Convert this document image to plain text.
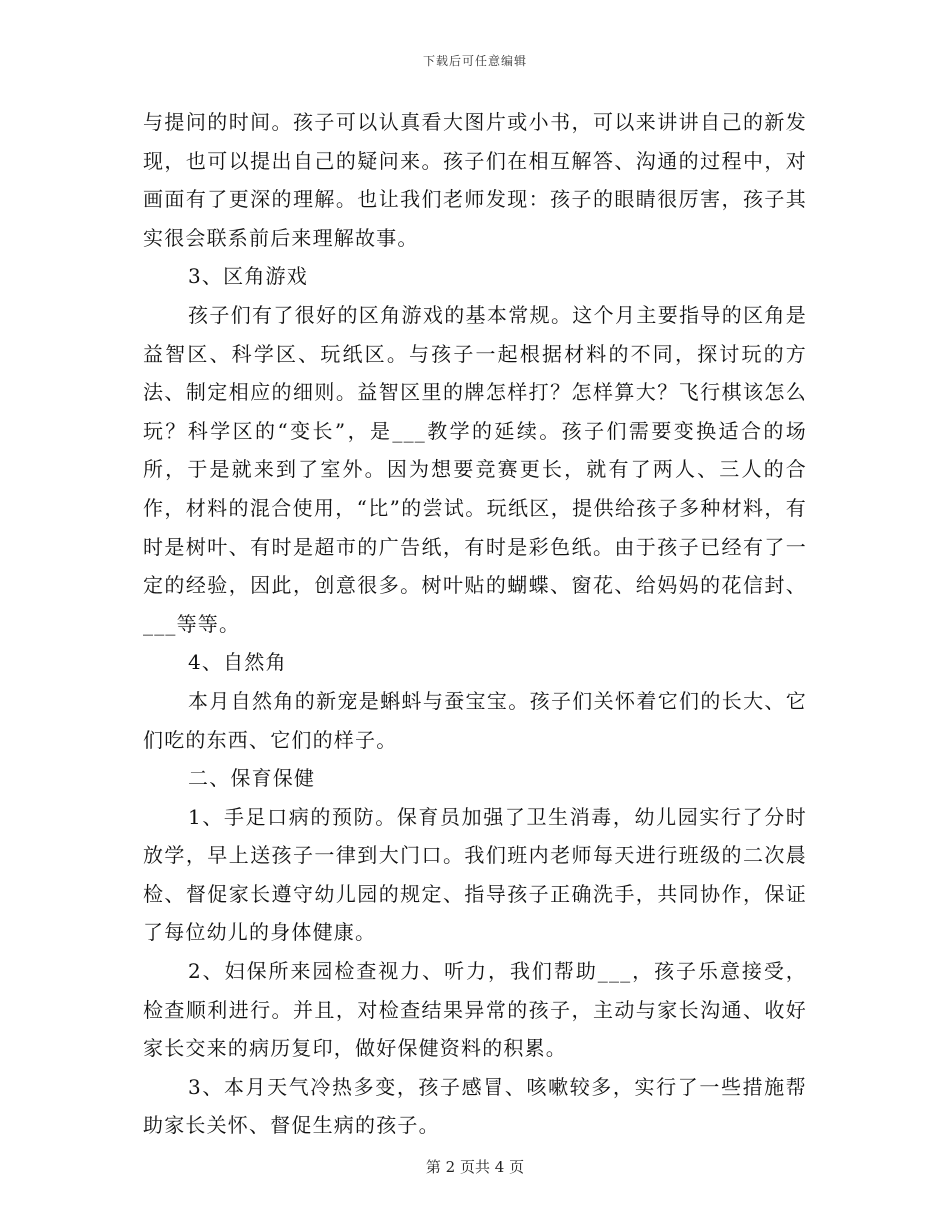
下载后可任意编辑

与提问的时间。孩子可以认真看大图片或小书，可以来讲讲自己的新发现，也可以提出自己的疑问来。孩子们在相互解答、沟通的过程中，对画面有了更深的理解。也让我们老师发现：孩子的眼睛很厉害，孩子其实很会联系前后来理解故事。

3、区角游戏

孩子们有了很好的区角游戏的基本常规。这个月主要指导的区角是益智区、科学区、玩纸区。与孩子一起根据材料的不同，探讨玩的方法、制定相应的细则。益智区里的牌怎样打？怎样算大？飞行棋该怎么玩？科学区的“变长”，是___教学的延续。孩子们需要变换适合的场所，于是就来到了室外。因为想要竞赛更长，就有了两人、三人的合作，材料的混合使用，“比”的尝试。玩纸区，提供给孩子多种材料，有时是树叶、有时是超市的广告纸，有时是彩色纸。由于孩子已经有了一定的经验，因此，创意很多。树叶贴的蝴蝶、窗花、给妈妈的花信封、___等等。

4、自然角

本月自然角的新宠是蝌蚪与蚕宝宝。孩子们关怀着它们的长大、它们吃的东西、它们的样子。

二、保育保健

1、手足口病的预防。保育员加强了卫生消毒，幼儿园实行了分时放学，早上送孩子一律到大门口。我们班内老师每天进行班级的二次晨检、督促家长遵守幼儿园的规定、指导孩子正确洗手，共同协作，保证了每位幼儿的身体健康。

2、妇保所来园检查视力、听力，我们帮助___，孩子乐意接受，检查顺利进行。并且，对检查结果异常的孩子，主动与家长沟通、收好家长交来的病历复印，做好保健资料的积累。

3、本月天气冷热多变，孩子感冒、咳嗽较多，实行了一些措施帮助家长关怀、督促生病的孩子。

第 2 页共 4 页
